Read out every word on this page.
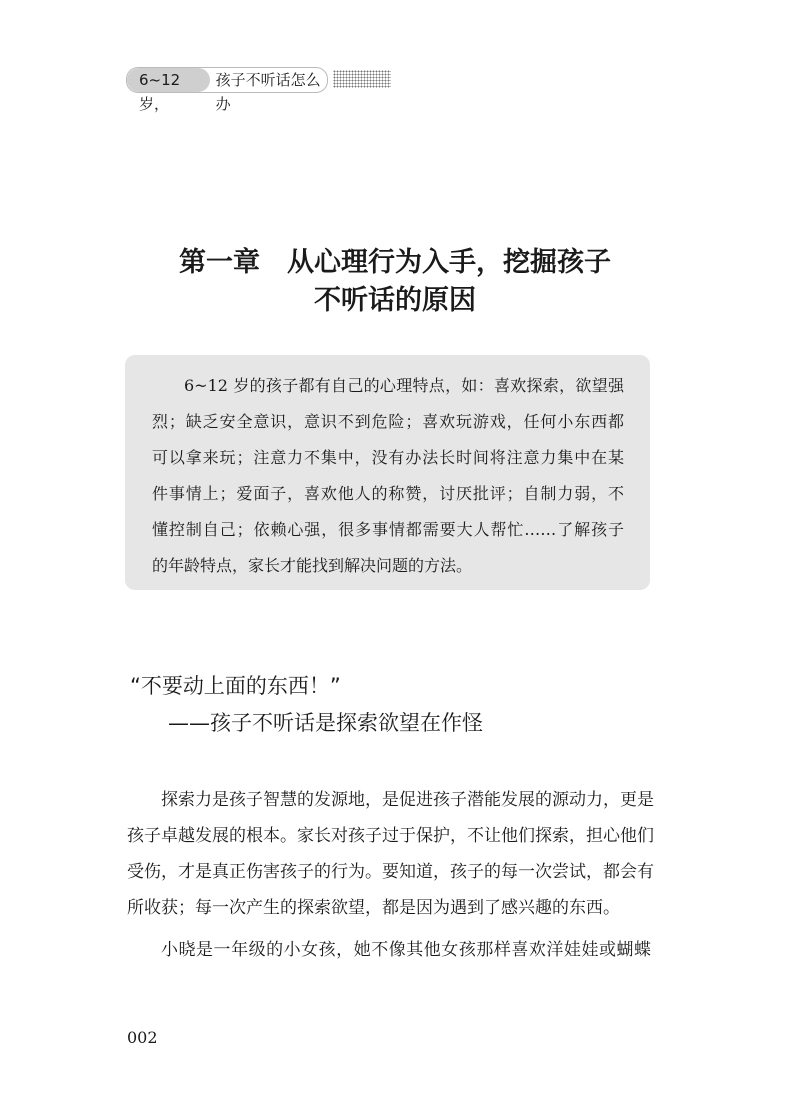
6~12岁，
孩子不听话怎么办
第一章　从心理行为入手，挖掘孩子
不听话的原因
6~12 岁的孩子都有自己的心理特点，如：喜欢探索，欲望强
烈；缺乏安全意识，意识不到危险；喜欢玩游戏，任何小东西都
可以拿来玩；注意力不集中，没有办法长时间将注意力集中在某
件事情上；爱面子，喜欢他人的称赞，讨厌批评；自制力弱，不
懂控制自己；依赖心强，很多事情都需要大人帮忙……了解孩子
的年龄特点，家长才能找到解决问题的方法。
“不要动上面的东西！”
——孩子不听话是探索欲望在作怪
探索力是孩子智慧的发源地，是促进孩子潜能发展的源动力，更是
孩子卓越发展的根本。家长对孩子过于保护，不让他们探索，担心他们
受伤，才是真正伤害孩子的行为。要知道，孩子的每一次尝试，都会有
所收获；每一次产生的探索欲望，都是因为遇到了感兴趣的东西。
小晓是一年级的小女孩，她不像其他女孩那样喜欢洋娃娃或蝴蝶
002
